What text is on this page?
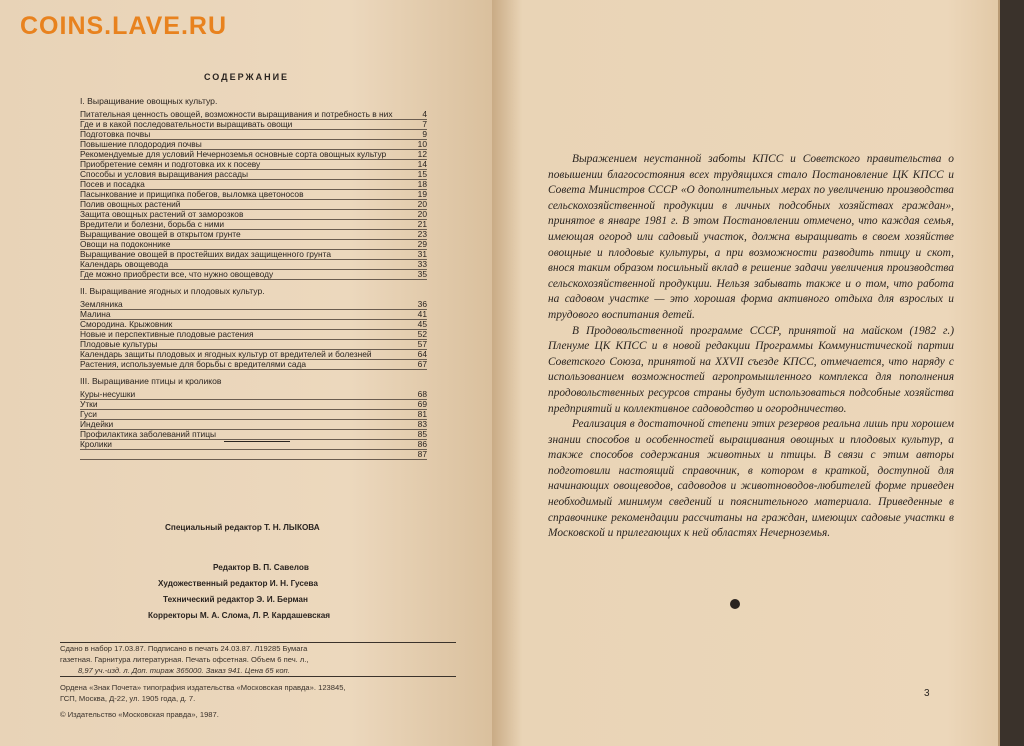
COINS.LAVE.RU
СОДЕРЖАНИЕ
I. Выращивание овощных культур.
Питательная ценность овощей, возможности выращивания и потребность в них	4
Где и в какой последовательности выращивать овощи	7
Подготовка почвы	9
Повышение плодородия почвы	10
Рекомендуемые для условий Нечерноземья основные сорта овощных культур	12
Приобретение семян и подготовка их к посеву	14
Способы и условия выращивания рассады	15
Посев и посадка	18
Пасынкование и прищипка побегов, выломка цветоносов	19
Полив овощных растений	20
Защита овощных растений от заморозков	20
Вредители и болезни, борьба с ними	21
Выращивание овощей в открытом грунте	23
Овощи на подоконнике	29
Выращивание овощей в простейших видах защищенного грунта	31
Календарь овощевода	33
Где можно приобрести все, что нужно овощеводу	35
II. Выращивание ягодных и плодовых культур.
Земляника	36
Малина	41
Смородина. Крыжовник	45
Новые и перспективные плодовые растения	52
Плодовые культуры	57
Календарь защиты плодовых и ягодных культур от вредителей и болезней	64
Растения, используемые для борьбы с вредителями сада	67
III. Выращивание птицы и кроликов
Куры-несушки	68
Утки	69
Гуси	81
Индейки	83
Профилактика заболеваний птицы	85
Кролики	86
87
Специальный редактор Т. Н. ЛЫКОВА
Редактор В. П. Савелов
Художественный редактор И. Н. Гусева
Технический редактор Э. И. Берман
Корректоры М. А. Слома, Л. Р. Кардашевская
Сдано в набор 17.03.87. Подписано в печать 24.03.87. Л19285 Бумага
газетная. Гарнитура литературная. Печать офсетная. Объем 6 печ. л.,
8,97 уч.-изд. л. Доп. тираж 365000. Заказ 941. Цена 65 коп.
Ордена «Знак Почета» типография издательства «Московская правда». 123845,
ГСП, Москва, Д-22, ул. 1905 года, д. 7.
© Издательство «Московская правда», 1987.

Выражением неустанной заботы КПСС и Советского правительства о повышении благосостояния всех трудящихся стало Постановление ЦК КПСС и Совета Министров СССР «О дополнительных мерах по увеличению производства сельскохозяйственной продукции в личных подсобных хозяйствах граждан», принятое в январе 1981 г. В этом Постановлении отмечено, что каждая семья, имеющая огород или садовый участок, должна выращивать в своем хозяйстве овощные и плодовые культуры, а при возможности разводить птицу и скот, внося таким образом посильный вклад в решение задачи увеличения производства сельскохозяйственной продукции. Нельзя забывать также и о том, что работа на садовом участке — это хорошая форма активного отдыха для взрослых и трудового воспитания детей.

В Продовольственной программе СССР, принятой на майском (1982 г.) Пленуме ЦК КПСС и в новой редакции Программы Коммунистической партии Советского Союза, принятой на XXVII съезде КПСС, отмечается, что наряду с использованием возможностей агропромышленного комплекса для пополнения продовольственных ресурсов страны будут использоваться подсобные хозяйства предприятий и коллективное садоводство и огородничество.

Реализация в достаточной степени этих резервов реальна лишь при хорошем знании способов и особенностей выращивания овощных и плодовых культур, а также способов содержания животных и птицы. В связи с этим авторы подготовили настоящий справочник, в котором в краткой, доступной для начинающих овощеводов, садоводов и животноводов-любителей форме приведен необходимый минимум сведений и пояснительного материала. Приведенные в справочнике рекомендации рассчитаны на граждан, имеющих садовые участки в Московской и прилегающих к ней областях Нечерноземья.

3
